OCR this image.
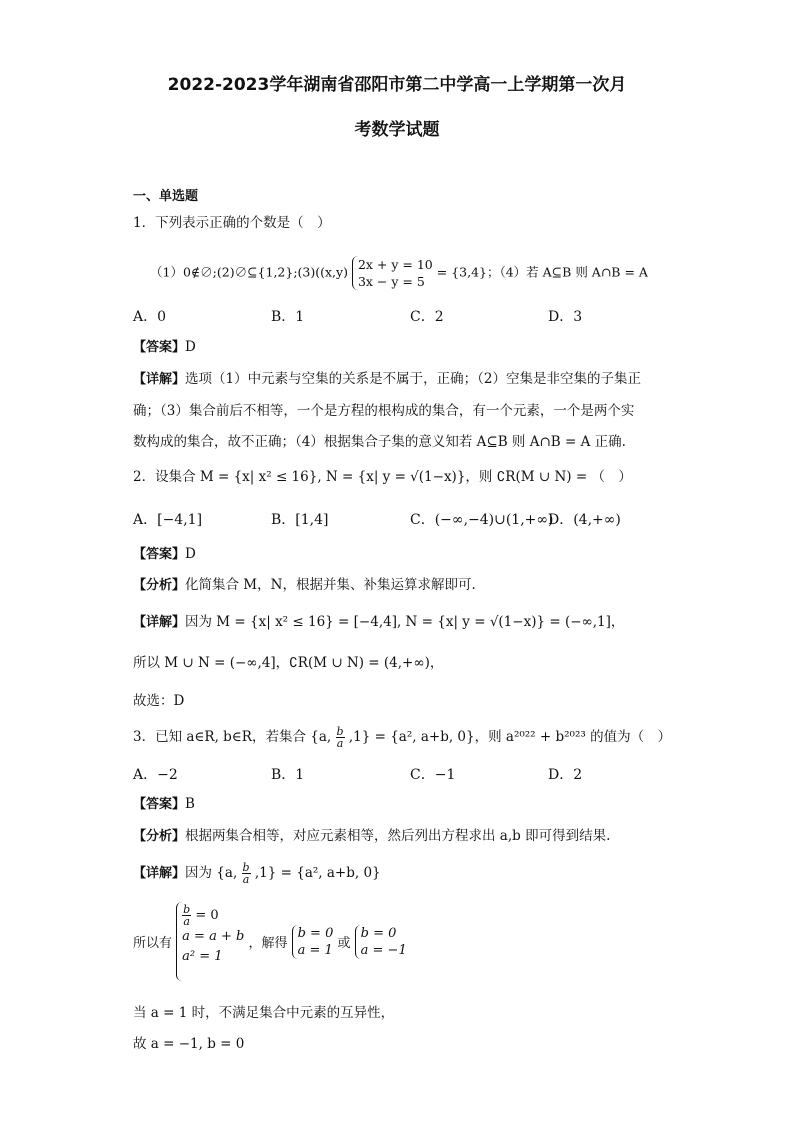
2022-2023学年湖南省邵阳市第二中学高一上学期第一次月
考数学试题
一、单选题
1．下列表示正确的个数是（　）
（1）0∉∅;(2)∅⊆{1,2};(3)((x,y) 2x + y = 10
3x − y = 5
= {3,4}；（4）若 A⊆B 则 A∩B = A
A．0	B．1	C．2	D．3
【答案】D
【详解】选项（1）中元素与空集的关系是不属于，正确；（2）空集是非空集的子集正
确；（3）集合前后不相等，一个是方程的根构成的集合，有一个元素，一个是两个实
数构成的集合，故不正确；（4）根据集合子集的意义知若 A⊆B 则 A∩B = A 正确.
2．设集合 M = {x| x² ≤ 16}, N = {x| y = √(1−x)}，则 ∁R(M ∪ N) = （　）
A．[−4,1]	B．[1,4]	C．(−∞,−4)∪(1,+∞)
D．(4,+∞)
【答案】D
【分析】化简集合 M，N，根据并集、补集运算求解即可.
【详解】因为 M = {x| x² ≤ 16} = [−4,4], N = {x| y = √(1−x)} = (−∞,1]，
所以 M ∪ N = (−∞,4]，∁R(M ∪ N) = (4,+∞)，
故选：D
3．已知 a∈R, b∈R，若集合 {a, $\frac{b}{a} ,1\} = \{a^2$, a+b, 0}，则 a²⁰²² + b²⁰²³ 的值为（　）
A．−2	B．1	C．−1	D．2
【答案】B
【分析】根据两集合相等，对应元素相等，然后列出方程求出 a,b 即可得到结果.
【详解】因为 {a, $\frac{b}{a} ,1\} = \{a^2$, a+b, 0}
所以有
$\frac{b}{a} = 0$
a = a + b
a² = 1
，解得
b = 0
a = 1 或
b = 0
a = −1
当 a = 1 时，不满足集合中元素的互异性，
故 a = −1, b = 0
